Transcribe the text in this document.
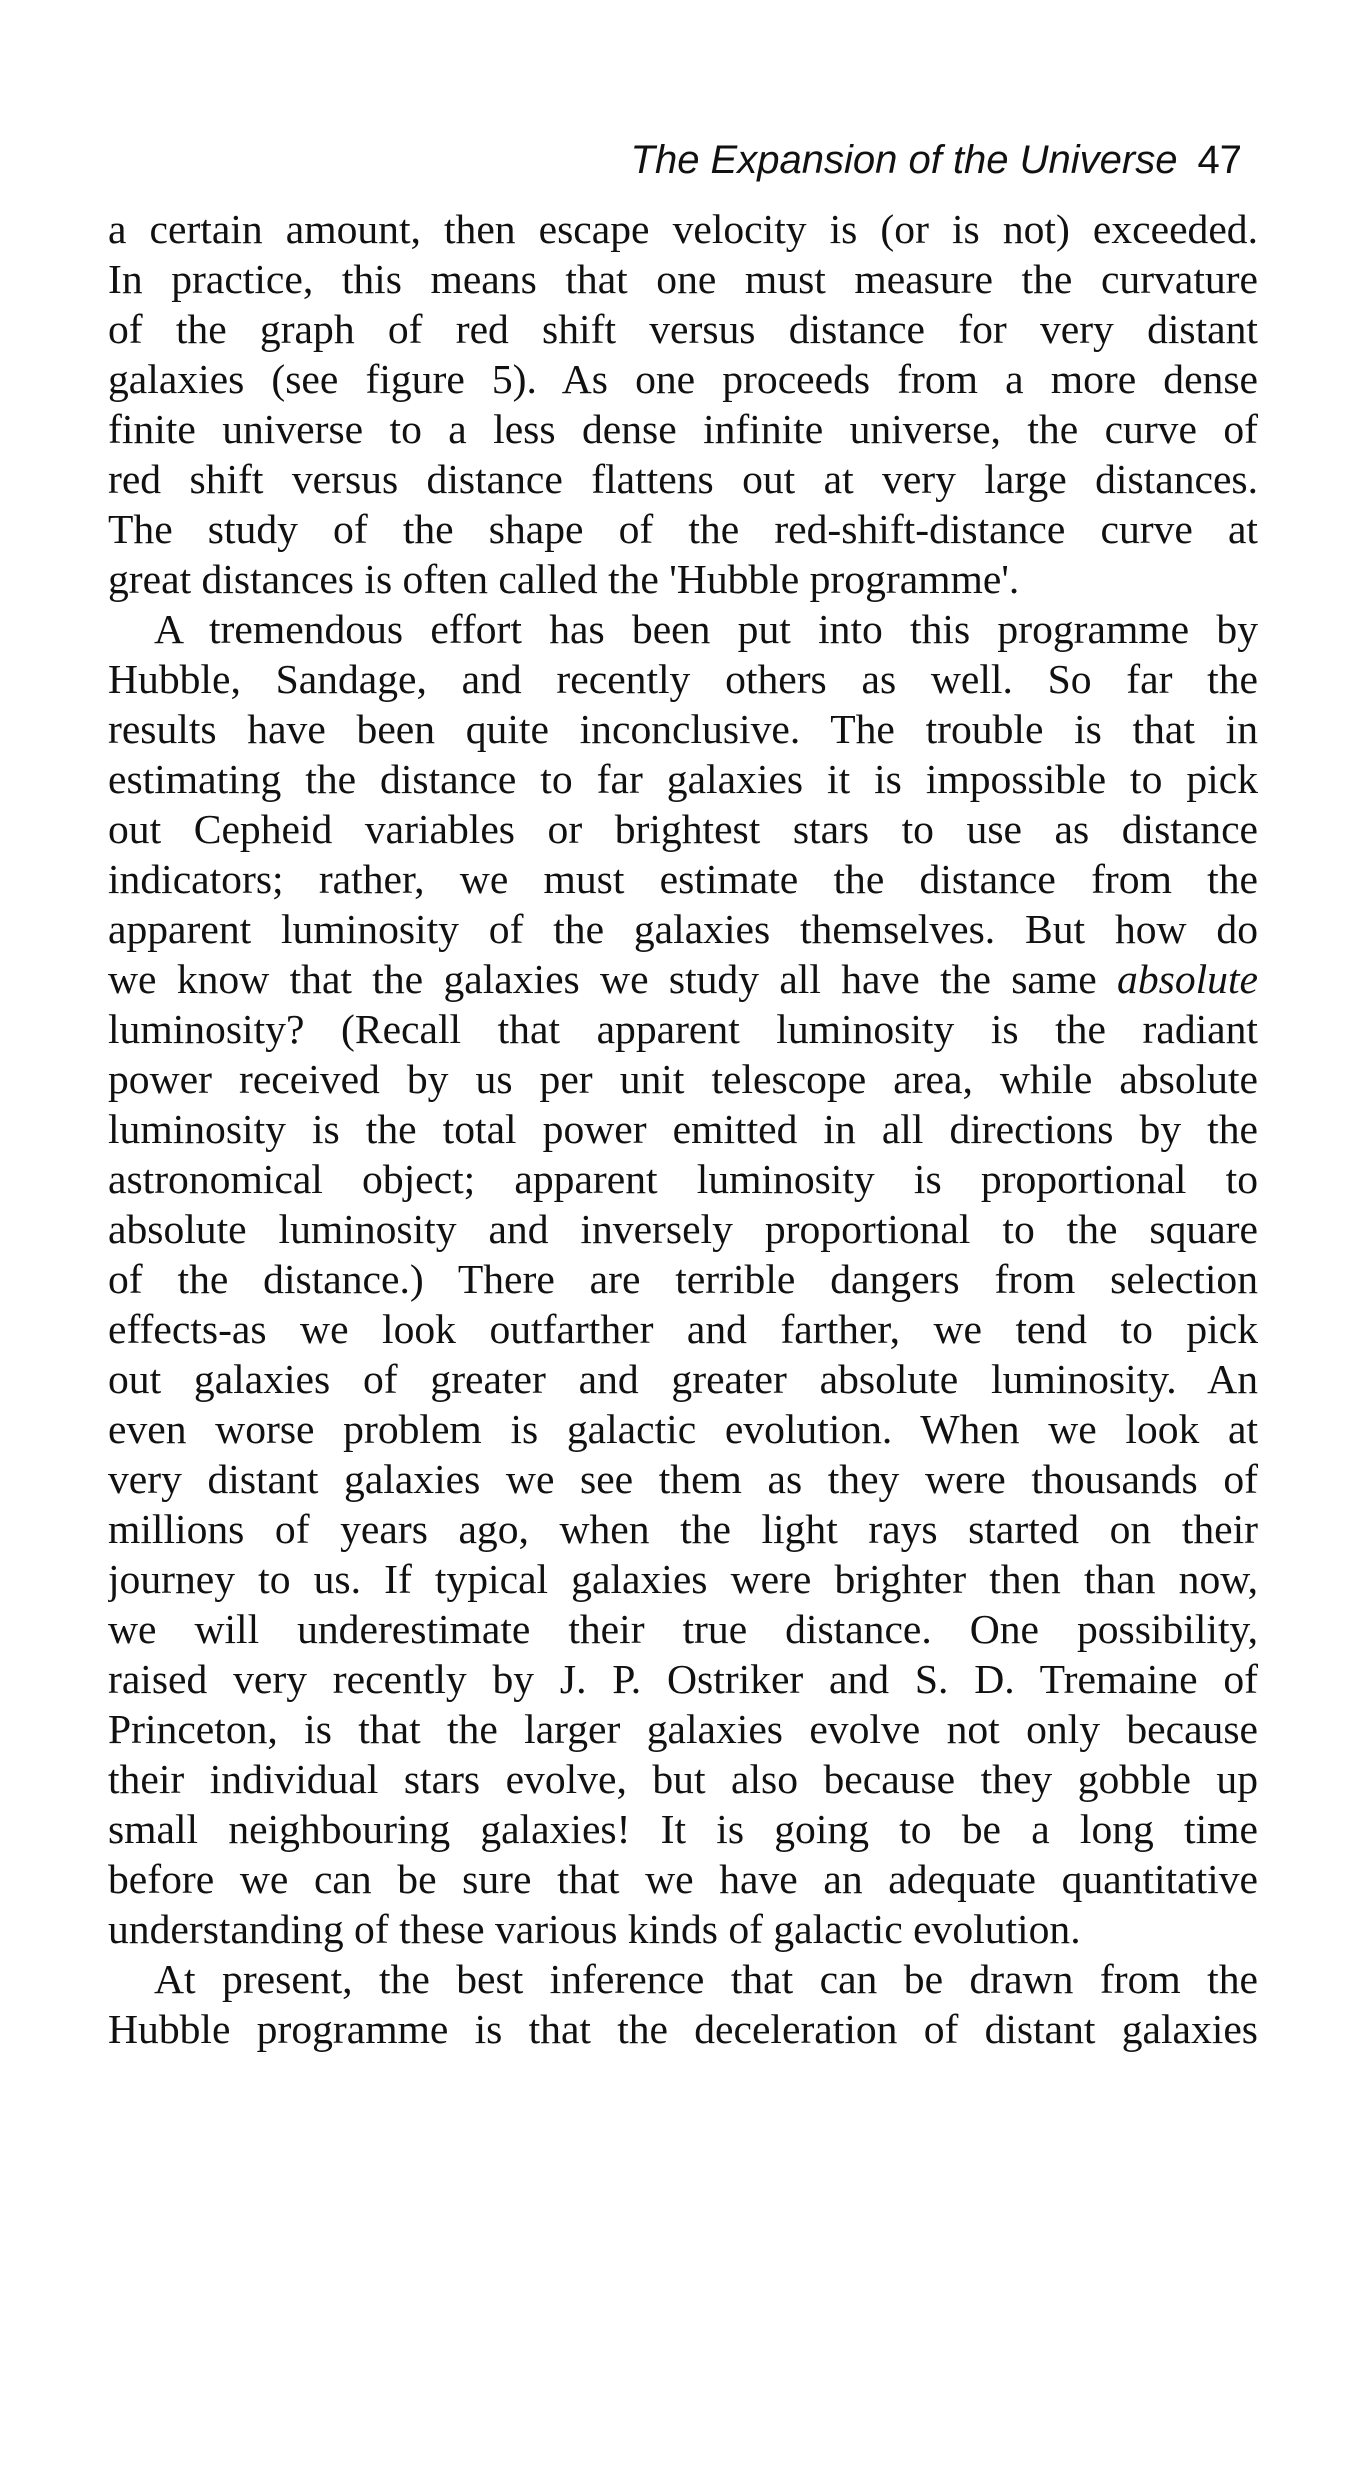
The Expansion of the Universe 47

a certain amount, then escape velocity is (or is not) exceeded.
In practice, this means that one must measure the curvature
of the graph of red shift versus distance for very distant
galaxies (see figure 5). As one proceeds from a more dense
finite universe to a less dense infinite universe, the curve of
red shift versus distance flattens out at very large distances.
The study of the shape of the red-shift-distance curve at
great distances is often called the 'Hubble programme'.

A tremendous effort has been put into this programme by
Hubble, Sandage, and recently others as well. So far the
results have been quite inconclusive. The trouble is that in
estimating the distance to far galaxies it is impossible to pick
out Cepheid variables or brightest stars to use as distance
indicators; rather, we must estimate the distance from the
apparent luminosity of the galaxies themselves. But how do
we know that the galaxies we study all have the same absolute
luminosity? (Recall that apparent luminosity is the radiant
power received by us per unit telescope area, while absolute
luminosity is the total power emitted in all directions by the
astronomical object; apparent luminosity is proportional to
absolute luminosity and inversely proportional to the square
of the distance.) There are terrible dangers from selection
effects-as we look outfarther and farther, we tend to pick
out galaxies of greater and greater absolute luminosity. An
even worse problem is galactic evolution. When we look at
very distant galaxies we see them as they were thousands of
millions of years ago, when the light rays started on their
journey to us. If typical galaxies were brighter then than now,
we will underestimate their true distance. One possibility,
raised very recently by J. P. Ostriker and S. D. Tremaine of
Princeton, is that the larger galaxies evolve not only because
their individual stars evolve, but also because they gobble up
small neighbouring galaxies! It is going to be a long time
before we can be sure that we have an adequate quantitative
understanding of these various kinds of galactic evolution.

At present, the best inference that can be drawn from the
Hubble programme is that the deceleration of distant galaxies
